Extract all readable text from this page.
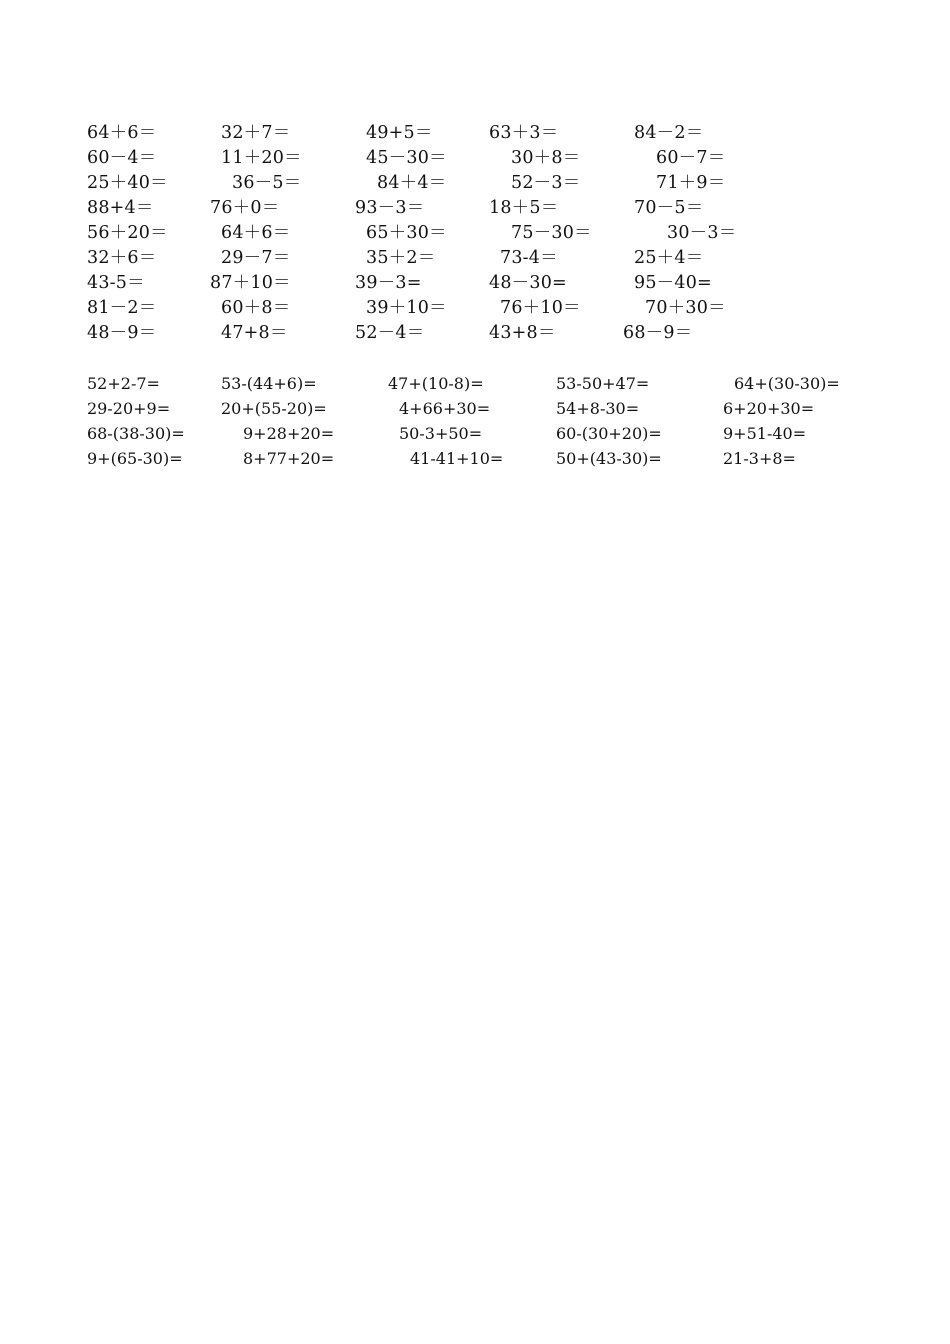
64＋6＝	32＋7＝	49+5＝	63＋3＝	84－2＝
60－4＝	11＋20＝	45－30＝	30＋8＝	60－7＝
25＋40＝	36－5＝	84＋4＝	52－3＝	71＋9＝
88+4＝	76＋0＝	93－3＝	18＋5＝	70－5＝
56＋20＝	64＋6＝	65＋30＝	75－30＝	30－3＝
32＋6＝	29－7＝	35＋2＝	73-4＝	25＋4＝
43-5＝	87＋10＝	39－3=	48－30=	95－40=
81－2＝	60＋8＝	39＋10＝	76＋10＝	70＋30＝
48－9＝	47+8＝	52－4＝	43+8＝	68－9＝
52+2-7=	53-(44+6)=	47+(10-8)=	53-50+47=	64+(30-30)=
29-20+9=	20+(55-20)=	4+66+30=	54+8-30=	6+20+30=
68-(38-30)=	9+28+20=	50-3+50=	60-(30+20)=	9+51-40=
9+(65-30)=	8+77+20=	41-41+10=	50+(43-30)=	21-3+8=
